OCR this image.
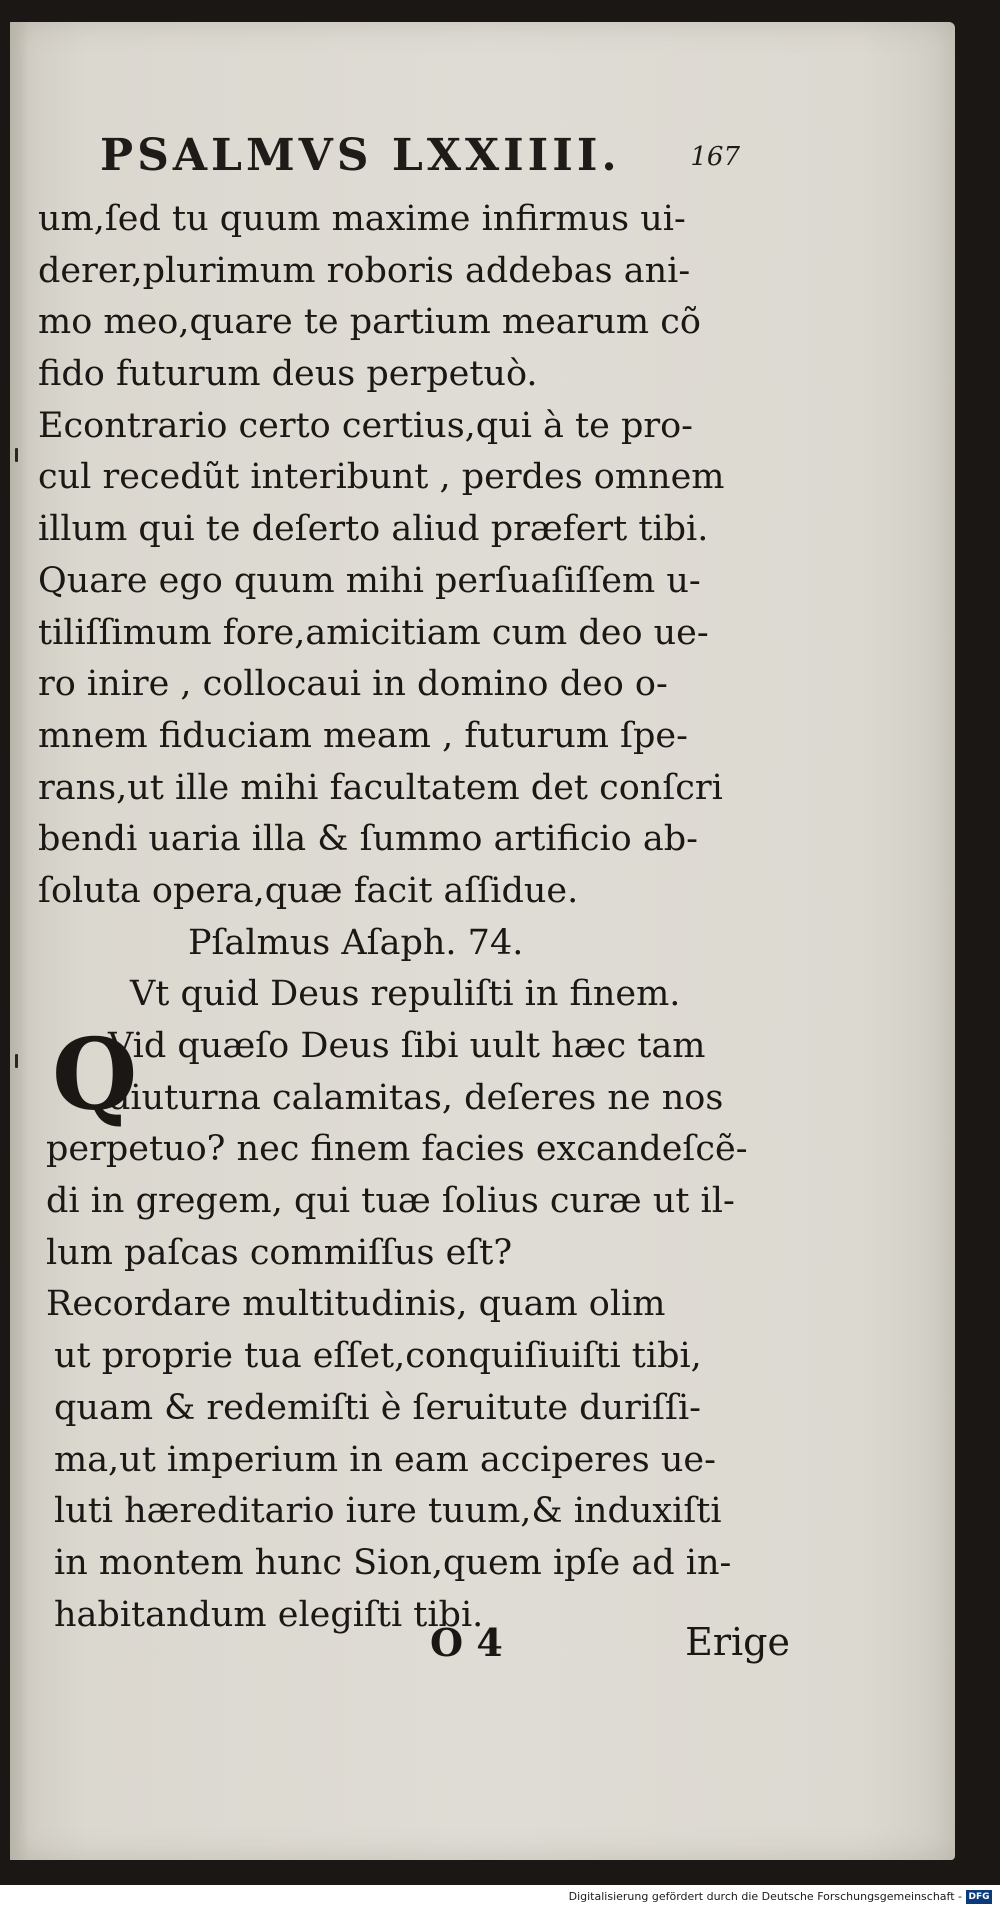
PSALMVS LXXIIII.	167
um,ſed tu quum maxime infirmus ui-
derer,plurimum roboris addebas ani-
mo meo,quare te partium mearum cõ
fido futurum deus perpetuò.
Econtrario certo certius,qui à te pro-
cul recedũt interibunt , perdes omnem
illum qui te deſerto aliud præfert tibi.
Quare ego quum mihi perſuaſiſſem u-
tiliſſimum fore,amicitiam cum deo ue-
ro inire , collocaui in domino deo o-
mnem fiduciam meam , futurum ſpe-
rans,ut ille mihi facultatem det conſcri
bendi uaria illa & ſummo artificio ab-
ſoluta opera,quæ facit aſſidue.
Pſalmus Aſaph. 74.
Vt quid Deus repuliſti in finem.
Q
Vid quæſo Deus ſibi uult hæc tam
diuturna calamitas, deſeres ne nos
perpetuo? nec finem facies excandeſcẽ-
di in gregem, qui tuæ ſolius curæ ut il-
lum paſcas commiſſus eſt?
Recordare multitudinis, quam olim
ut proprie tua eſſet,conquiſiuiſti tibi,
quam & redemiſti è ſeruitute duriſſi-
ma,ut imperium in eam acciperes ue-
luti hæreditario iure tuum,& induxiſti
in montem hunc Sion,quem ipſe ad in-
habitandum elegiſti tibi.
O 4	Erige
Digitalisierung gefördert durch die Deutsche Forschungsgemeinschaft - DFG
